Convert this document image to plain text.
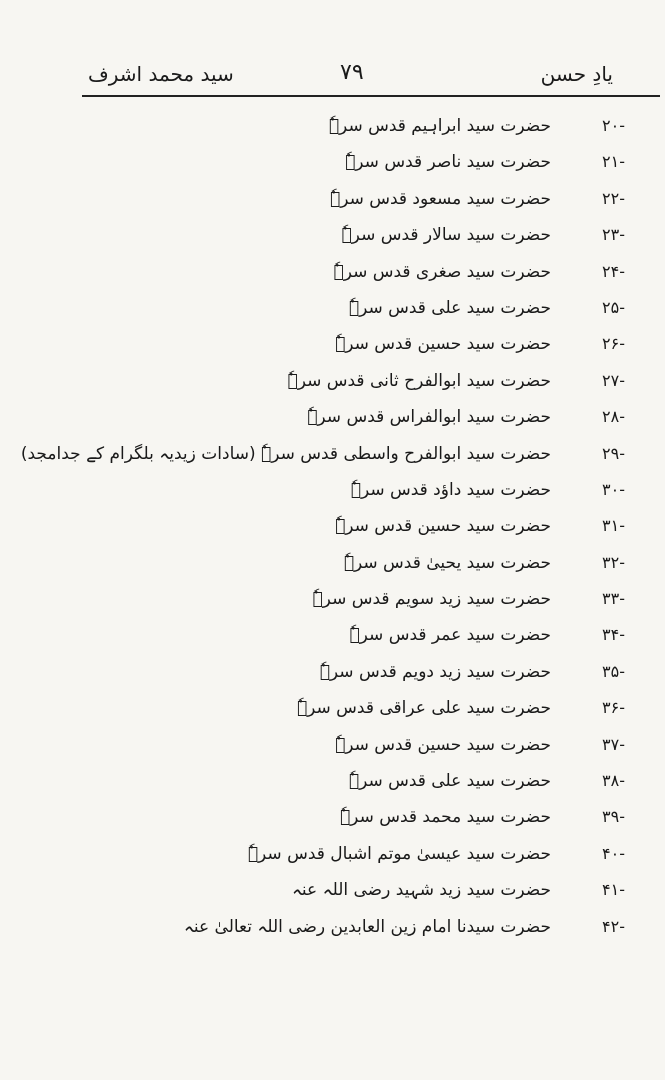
یادِ حسن
۷۹
سید محمد اشرف
-۲۰
حضرت سید ابراہیم قدس سرہٗ
-۲۱
حضرت سید ناصر قدس سرہٗ
-۲۲
حضرت سید مسعود قدس سرہٗ
-۲۳
حضرت سید سالار قدس سرہٗ
-۲۴
حضرت سید صغری قدس سرہٗ
-۲۵
حضرت سید علی قدس سرہٗ
-۲۶
حضرت سید حسین قدس سرہٗ
-۲۷
حضرت سید ابوالفرح ثانی قدس سرہٗ
-۲۸
حضرت سید ابوالفراس قدس سرہٗ
-۲۹
حضرت سید ابوالفرح واسطی قدس سرہٗ (سادات زیدیہ بلگرام کے جدامجد)
-۳۰
حضرت سید داؤد قدس سرہٗ
-۳۱
حضرت سید حسین قدس سرہٗ
-۳۲
حضرت سید یحییٰ قدس سرہٗ
-۳۳
حضرت سید زید سویم قدس سرہٗ
-۳۴
حضرت سید عمر قدس سرہٗ
-۳۵
حضرت سید زید دویم قدس سرہٗ
-۳۶
حضرت سید علی عراقی قدس سرہٗ
-۳۷
حضرت سید حسین قدس سرہٗ
-۳۸
حضرت سید علی قدس سرہٗ
-۳۹
حضرت سید محمد قدس سرہٗ
-۴۰
حضرت سید عیسیٰ موتم اشبال قدس سرہٗ
-۴۱
حضرت سید زید شہید رضی اللہ عنہ
-۴۲
حضرت سیدنا امام زین العابدین رضی اللہ تعالیٰ عنہ
